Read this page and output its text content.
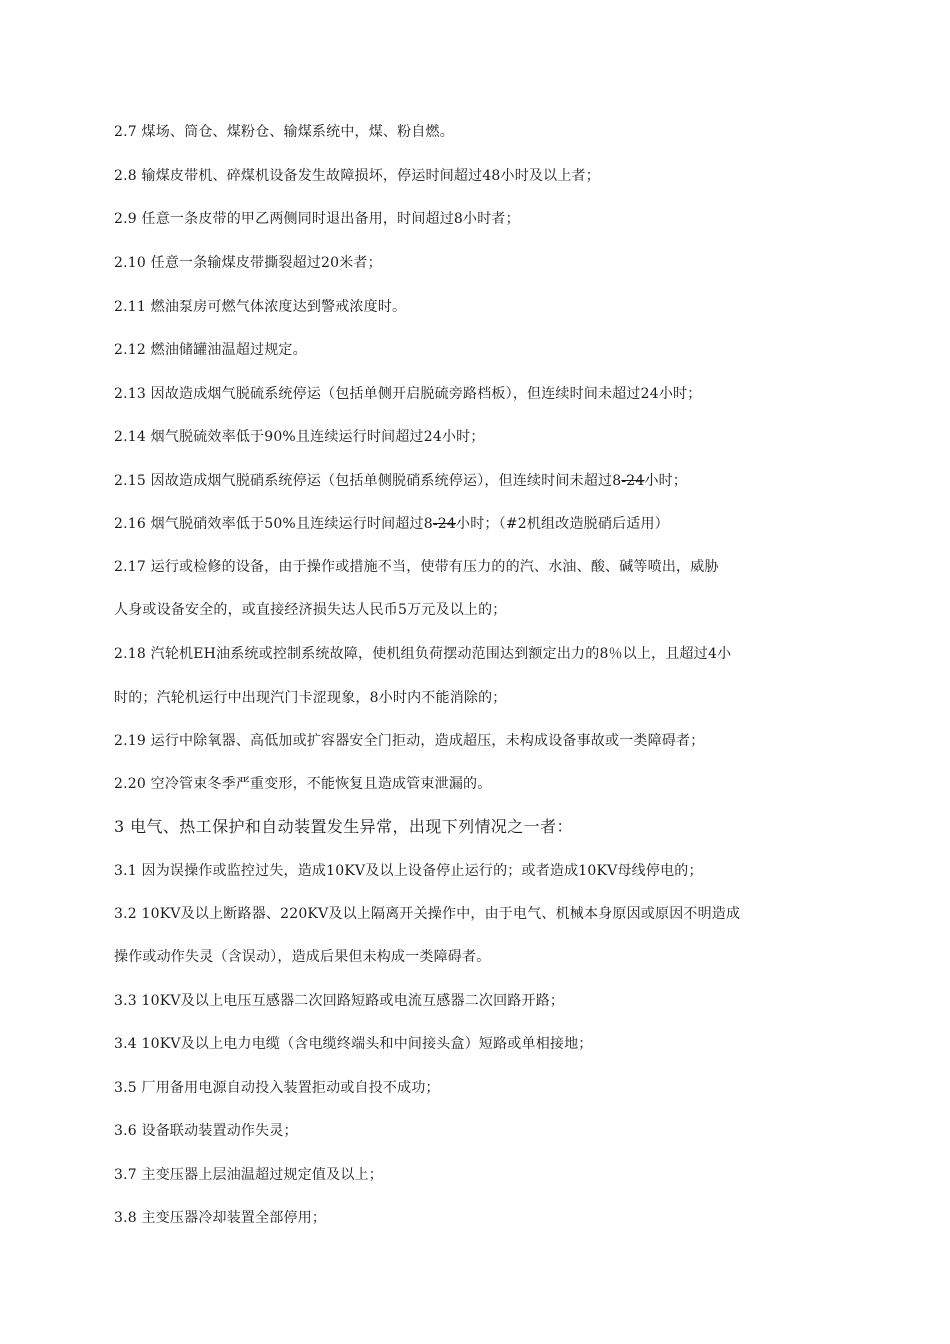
2.7 煤场、筒仓、煤粉仓、输煤系统中，煤、粉自燃。
2.8 输煤皮带机、碎煤机设备发生故障损坏，停运时间超过48小时及以上者；
2.9 任意一条皮带的甲乙两侧同时退出备用，时间超过8小时者；
2.10 任意一条输煤皮带撕裂超过20米者；
2.11 燃油泵房可燃气体浓度达到警戒浓度时。
2.12 燃油储罐油温超过规定。
2.13 因故造成烟气脱硫系统停运（包括单侧开启脱硫旁路档板），但连续时间未超过24小时；
2.14 烟气脱硫效率低于90%且连续运行时间超过24小时；
2.15 因故造成烟气脱硝系统停运（包括单侧脱硝系统停运），但连续时间未超过8-24小时；
2.16 烟气脱硝效率低于50%且连续运行时间超过8-24小时；（#2机组改造脱硝后适用）
2.17 运行或检修的设备，由于操作或措施不当，使带有压力的的汽、水油、酸、碱等喷出，威胁
人身或设备安全的，或直接经济损失达人民币5万元及以上的；
2.18 汽轮机EH油系统或控制系统故障，使机组负荷摆动范围达到额定出力的8％以上，且超过4小
时的；汽轮机运行中出现汽门卡涩现象，8小时内不能消除的；
2.19 运行中除氧器、高低加或扩容器安全门拒动，造成超压，未构成设备事故或一类障碍者；
2.20 空冷管束冬季严重变形，不能恢复且造成管束泄漏的。
3 电气、热工保护和自动装置发生异常，出现下列情况之一者：
3.1 因为误操作或监控过失，造成10KV及以上设备停止运行的；或者造成10KV母线停电的；
3.2 10KV及以上断路器、220KV及以上隔离开关操作中，由于电气、机械本身原因或原因不明造成
操作或动作失灵（含误动），造成后果但未构成一类障碍者。
3.3 10KV及以上电压互感器二次回路短路或电流互感器二次回路开路；
3.4 10KV及以上电力电缆（含电缆终端头和中间接头盒）短路或单相接地；
3.5 厂用备用电源自动投入装置拒动或自投不成功；
3.6 设备联动装置动作失灵；
3.7 主变压器上层油温超过规定值及以上；
3.8 主变压器冷却装置全部停用；
